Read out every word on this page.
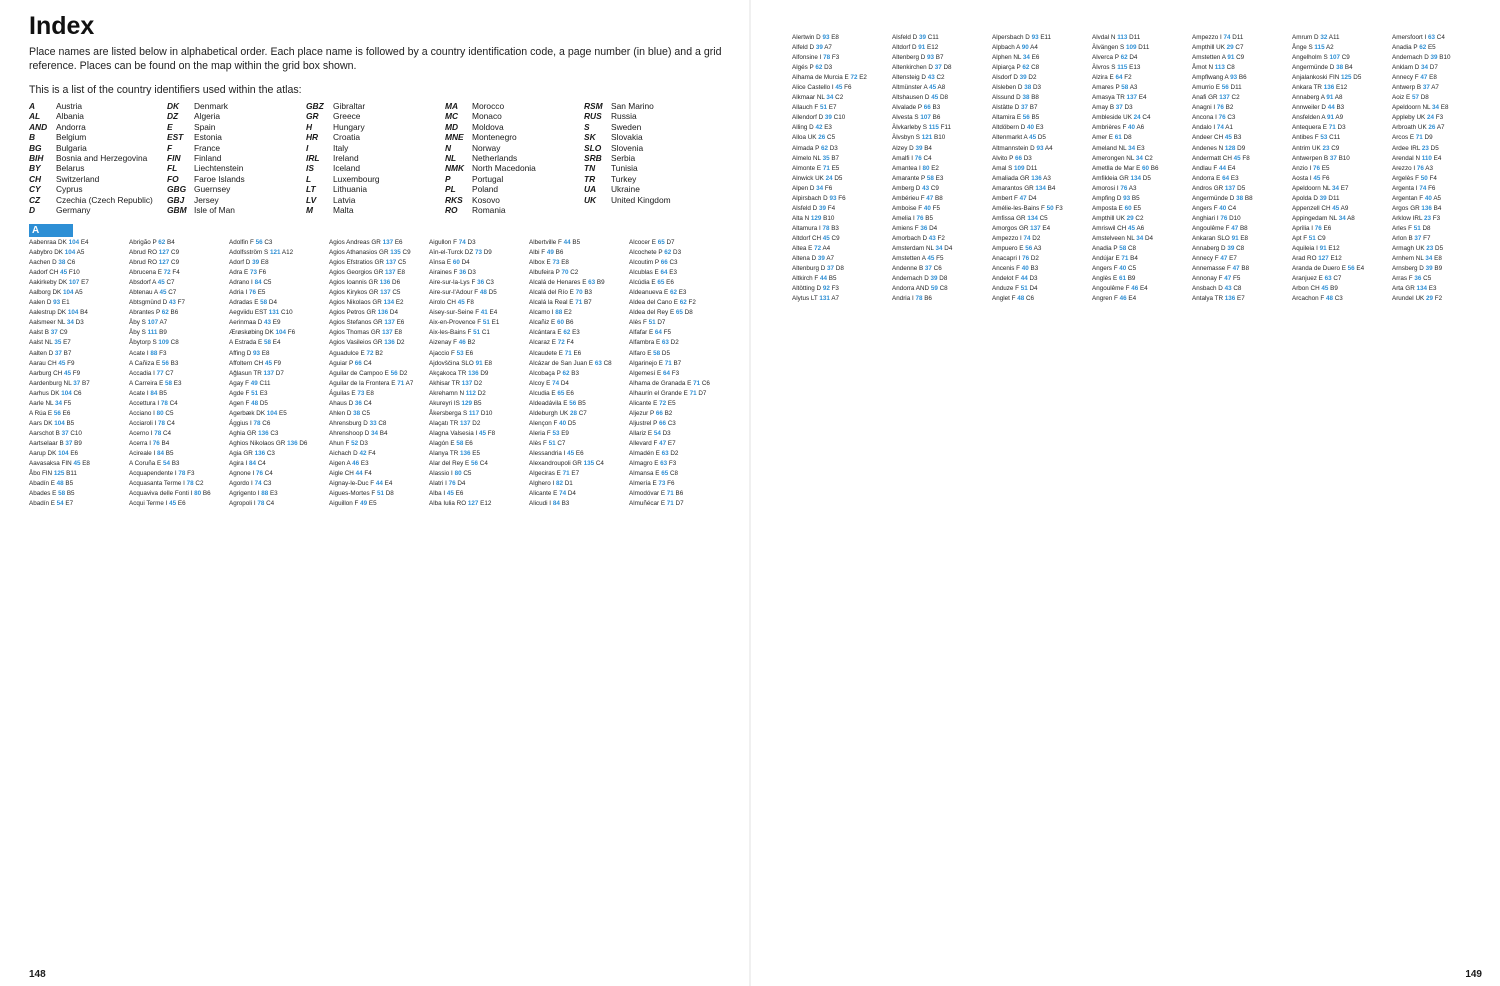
Index

Place names are listed below in alphabetical order. Each place name is followed by a country identification code, a page number (in blue) and a grid reference. Places can be found on the map within the grid box shown.

This is a list of the country identifiers used within the atlas:

A Austria
AL Albania
AND Andorra
B Belgium
BG Bulgaria
BIH Bosnia and Herzegovina
BY Belarus
CH Switzerland
CY Cyprus
CZ Czechia (Czech Republic)
D Germany
DK Denmark
DZ Algeria
E	Spain
EST Estonia
F	France
FIN Finland
FL Liechtenstein
FO Faroe Islands
GBG Guernsey
GBJ Jersey
GBM Isle of Man
GBZ Gibraltar
GR Greece
H Hungary
HR Croatia
I	Italy
IRL Ireland
IS Iceland
L	Luxembourg
LT Lithuania
LV Latvia
M Malta
MA Morocco
MC Monaco
MD Moldova
MNE Montenegro
N Norway
NL Netherlands
NMK North Macedonia
P	Portugal
PL Poland
RKS Kosovo
RO Romania
RSM San Marino
RUS Russia
S	Sweden
SK Slovakia
SLO Slovenia
SRB Serbia
TN Tunisia
TR Turkey
UA Ukraine
UK United Kingdom
A
Aabenraa DK 104 E4
Aabybro DK 104 A5
Aachen D 38 C6
Aadorf CH 45 F10
Aakirkeby DK 107 E7
Aalborg DK 104 A5
Aalen D 93 E1
Aalestrup DK 104 B4
Aalsmeer NL 34 D3
Aalst B 37 C9
Aalst NL 35 E7
Aalten D 37 B7
Aarau CH 45 F9
Aarburg CH 45 F9
Aardenburg NL 37 B7
Aarhus DK 104 C6
Aarle NL 34 F5
A Rúa E 56 E6
Aars DK 104 B5
Aarschot B 37 C10
Aartselaar B 37 B9
Aarup DK 104 E6
Aavasaksa FIN 45 E8
Åbo FIN 125 B11
Abadín E 48 B5
Abades E 58 B5
Abadín E 54 E7
Abrigão P 62 B4
Abrud RO 127 C9
Abrud RO 127 C9
Abrucena E 72 F4
Absdorf A 45 C7
Abtenau A 45 C7
Abtsgmünd D 43 F7
Abrantes P 62 B6
Åby S 107 A7
Åby S 111 B9
Åbytorp S 109 C8
Acate I 88 F3
A Cañiza E 56 B3
Accadia I 77 C7
A Carreira E 58 E3
Acate I 84 B5
Accettura I 78 C4
Acciano I 80 C5
Acciaroli I 78 C4
Acerno I 78 C4
Acerra I 76 B4
Acireale I 84 B5
A Coruña E 54 B3
Acquapendente I 78 F3
Acquasanta Terme I 78 C2
Acquaviva delle Fonti I 80 B6
Acqui Terme I 45 E6
Adolfin F 56 C3
Adolfsström S 121 A12
Adorf D 39 E8
Adra E 73 F6
Adrano I 84 C5
Adria I 76 E5
Adradas E 58 D4
Aegviidu EST 131 C10
Aerinmaa D 43 E9
Ærøskøbing DK 104 F6
A Estrada E 58 E4
Affing D 93 E8
Affoltern CH 45 F9
Ağlasun TR 137 D7
Agay F 49 C11
Agde F 51 E3
Agen F 48 D5
Agerbæk DK 104 E5
Ággius I 78 C6
Aghia GR 136 C3
Aghios Nikolaos GR 136 D6
Agia GR 136 C3
Agira I 84 C4
Agnone I 76 C4
Agordo I 74 C3
Agrigento I 88 E3
Agropoli I 78 C4
Agios Andreas GR 137 E6
Agios Athanasios GR 135 C9
Agios Efstratios GR 137 C5
Agios Georgios GR 137 E8
Agios Ioannis GR 136 D6
Agios Kirykos GR 137 C5
Agios Nikolaos GR 134 E2
Agios Petros GR 136 D4
Agios Stefanos GR 137 E6
Agios Thomas GR 137 E8
Agios Vasileios GR 136 D2
Aguadulce E 72 B2
Aguiar P 66 C4
Aguilar de Campoo E 56 D2
Aguilar de la Frontera E 71 A7
Águilas E 73 E8
Ahaus D 36 C4
Ahlen D 38 C5
Ahrensburg D 33 C8
Ahrenshoop D 34 B4
Ahun F 52 D3
Aichach D 42 F4
Aigen A 46 E3
Aigle CH 44 F4
Aignay-le-Duc F 44 E4
Aigues-Mortes F 51 D8
Aiguillon F 49 E5
Aigullon F 74 D3
Aïn-el-Turck DZ 73 D9
Aïnsa E 60 D4
Airaines F 36 D3
Aire-sur-la-Lys F 36 C3
Aire-sur-l'Adour F 48 D5
Airolo CH 45 F8
Aisey-sur-Seine F 41 E4
Aix-en-Provence F 51 E1
Aix-les-Bains F 51 C1
Aizenay F 46 B2
Ajaccio F 53 E6
Ajdovščina SLO 91 E8
Akçakoca TR 136 D9
Akhisar TR 137 D2
Akrehamn N 112 D2
Akureyri IS 129 B5
Åkersberga S 117 D10
Alaçatı TR 137 D2
Alagna Valsesia I 45 F8
Alagón E 58 E6
Alanya TR 136 E5
Alar del Rey E 56 C4
Alassio I 80 C5
Alatri I 76 D4
Alba I 45 E6
Alba Iulia RO 127 E12
Albertville F 44 B5
Albi F 49 B6
Albox E 73 E8
Albufeira P 70 C2
Alcalá de Henares E 63 B9
Alcalá del Río E 70 B3
Alcalá la Real E 71 B7
Alcamo I 88 E2
Alcañiz E 60 B6
Alcántara E 62 E3
Alcaraz E 72 F4
Alcaudete E 71 E6
Alcázar de San Juan E 63 C8
Alcobaça P 62 B3
Alcoy E 74 D4
Alcudia E 65 E6
Aldeadávila E 56 B5
Aldeburgh UK 28 C7
Alençon F 40 D5
Aleria F 53 E9
Alès F 51 C7
Alessandria I 45 E6
Alexandroupoli GR 135 C4
Algeciras E 71 E7
Alghero I 82 D1
Alicante E 74 D4
Alicudi I 84 B3
Alcocer E 65 D7
Alcochete P 62 D3
Alcoutim P 66 C3
Alcublas E 64 E3
Alcúdia E 65 E6
Aldeanueva E 62 E3
Aldea del Cano E 62 F2
Aldea del Rey E 65 D8
Alès F 51 D7
Alfafar E 64 F5
Alfambra E 63 D2
Alfaro E 58 D5
Algarinejo E 71 B7
Algemesí E 64 F3
Alhama de Granada E 71 C6
Alhaurín el Grande E 71 D7
Alicante E 72 E5
Aljezur P 66 B2
Aljustrel P 66 C3
Allariz E 54 D3
Allevard F 47 E7
Almadén E 63 D2
Almagro E 63 F3
Almansa E 65 C8
Almería E 73 F6
Almodóvar E 71 B6
Almuñécar E 71 D7
148
Alertwin D 93 E8
Alfeld D 39 A7
Alfonsine I 78 F3
Algés P 62 D3
Alhama de Murcia E 72 E2
Alice Castello I 45 F6
Alkmaar NL 34 C2
Allauch F 51 E7
Allendorf D 39 C10
Alling D 42 E3
Alloa UK 26 C5
Almada P 62 D3
Almelo NL 35 B7
Almonte E 71 E5
Alnwick UK 24 D5
Alpen D 34 F6
Alpirsbach D 93 F6
Alsfeld D 39 F4
Alta N 129 B10
Altamura I 78 B3
Altdorf CH 45 C9
Altea E 72 A4
Altena D 39 A7
Altenburg D 37 D8
Altkirch F 44 B5
Altötting D 92 F3
Alytus LT 131 A7
Alsfeld D 39 C11
Altdorf D 91 E12
Altenberg D 93 B7
Altenkirchen D 37 D8
Altensteig D 43 C2
Altmünster A 45 A8
Altshausen D 45 D8
Alvalade P 66 B3
Alvesta S 107 B6
Älvkarleby S 115 F11
Älvsbyn S 121 B10
Alzey D 39 B4
Amalfi I 76 C4
Amantea I 80 E2
Amarante P 58 E3
Amberg D 43 C9
Ambérieu F 47 B8
Amboise F 40 F5
Amelia I 76 B5
Amiens F 36 D4
Amorbach D 43 F2
Amsterdam NL 34 D4
Amstetten A 45 F5
Andenne B 37 C6
Andernach D 39 D8
Andorra AND 59 C8
Andria I 78 B6
Alpersbach D 93 E11
Alpbach A 90 A4
Alphen NL 34 E6
Alpiarça P 62 C8
Alsdorf D 39 D2
Alsleben D 38 D3
Alssund D 38 B8
Alstätte D 37 B7
Altamira E 56 B5
Altdöbern D 40 E3
Altenmarkt A 45 D5
Altmannstein D 93 A4
Alvito P 66 D3
Amal S 109 D11
Amaliada GR 136 A3
Amarantos GR 134 B4
Ambert F 47 D4
Amélie-les-Bains F 50 F3
Amfissa GR 134 C5
Amorgos GR 137 E4
Ampezzo I 74 D2
Ampuero E 56 A3
Anacapri I 76 D2
Ancenis F 40 B3
Andelot F 44 D3
Anduze F 51 D4
Anglet F 48 C6
Alvdal N 113 D11
Älvängen S 109 D11
Alverca P 62 D4
Älvros S 115 E13
Alzira E 64 F2
Amares P 58 A3
Amasya TR 137 E4
Amay B 37 D3
Ambleside UK 24 C4
Ambrières F 40 A6
Amer E 61 D8
Ameland NL 34 E3
Amerongen NL 34 C2
Ametlla de Mar E 60 B6
Amfikleia GR 134 D5
Amorosi I 76 A3
Ampfing D 93 B5
Amposta E 60 E5
Ampthill UK 29 C2
Amriswil CH 45 A6
Amstelveen NL 34 D4
Anadia P 58 C8
Andújar E 71 B4
Angers F 40 C5
Anglès E 61 B9
Angoulême F 46 E4
Angren F 46 E4
Ampezzo I 74 D11
Ampthill UK 29 C7
Amstetten A 91 C9
Åmot N 113 C8
Ampflwang A 93 B6
Amurrio E 56 D11
Anafi GR 137 C2
Anagni I 76 B2
Ancona I 76 C3
Andalo I 74 A1
Andeer CH 45 B3
Andenes N 128 D9
Andermatt CH 45 F8
Andlau F 44 E4
Andorra E 64 E3
Andros GR 137 D5
Angermünde D 38 B8
Angers F 40 C4
Anghiari I 76 D10
Angoulême F 47 B8
Ankaran SLO 91 E8
Annaberg D 39 C8
Annecy F 47 E7
Annemasse F 47 B8
Annonay F 47 F5
Ansbach D 43 C8
Antalya TR 136 E7
Amrum D 32 A11
Ånge S 115 A2
Angelholm S 107 C9
Angermünde D 38 B4
Anjalankoski FIN 125 D5
Ankara TR 136 E12
Annaberg A 91 A8
Annweiler D 44 B3
Ansfelden A 91 A9
Antequera E 71 D3
Antibes F 53 C11
Antrim UK 23 C9
Antwerpen B 37 B10
Anzio I 76 E5
Aosta I 45 F6
Apeldoorn NL 34 E7
Apolda D 39 D11
Appenzell CH 45 A9
Appingedam NL 34 A8
Aprilia I 76 E6
Apt F 51 C9
Aquileia I 91 E12
Arad RO 127 E12
Aranda de Duero E 56 E4
Aranjuez E 63 C7
Arbon CH 45 B9
Arcachon F 48 C3
Amersfoort I 63 C4
Anadia P 62 E5
Andernach D 39 B10
Anklam D 34 D7
Annecy F 47 E8
Antwerp B 37 A7
Aoiz E 57 D8
Apeldoorn NL 34 E8
Appleby UK 24 F3
Arbroath UK 26 A7
Arcos E 71 D9
Ardee IRL 23 D5
Arendal N 110 E4
Arezzo I 76 A3
Argelès F 50 F4
Argenta I 74 F6
Argentan F 40 A5
Argos GR 136 B4
Arklow IRL 23 F3
Arles F 51 D8
Arlon B 37 F7
Armagh UK 23 D5
Arnhem NL 34 E8
Arnsberg D 39 B9
Arras F 36 C5
Arta GR 134 E3
Arundel UK 29 F2
149
